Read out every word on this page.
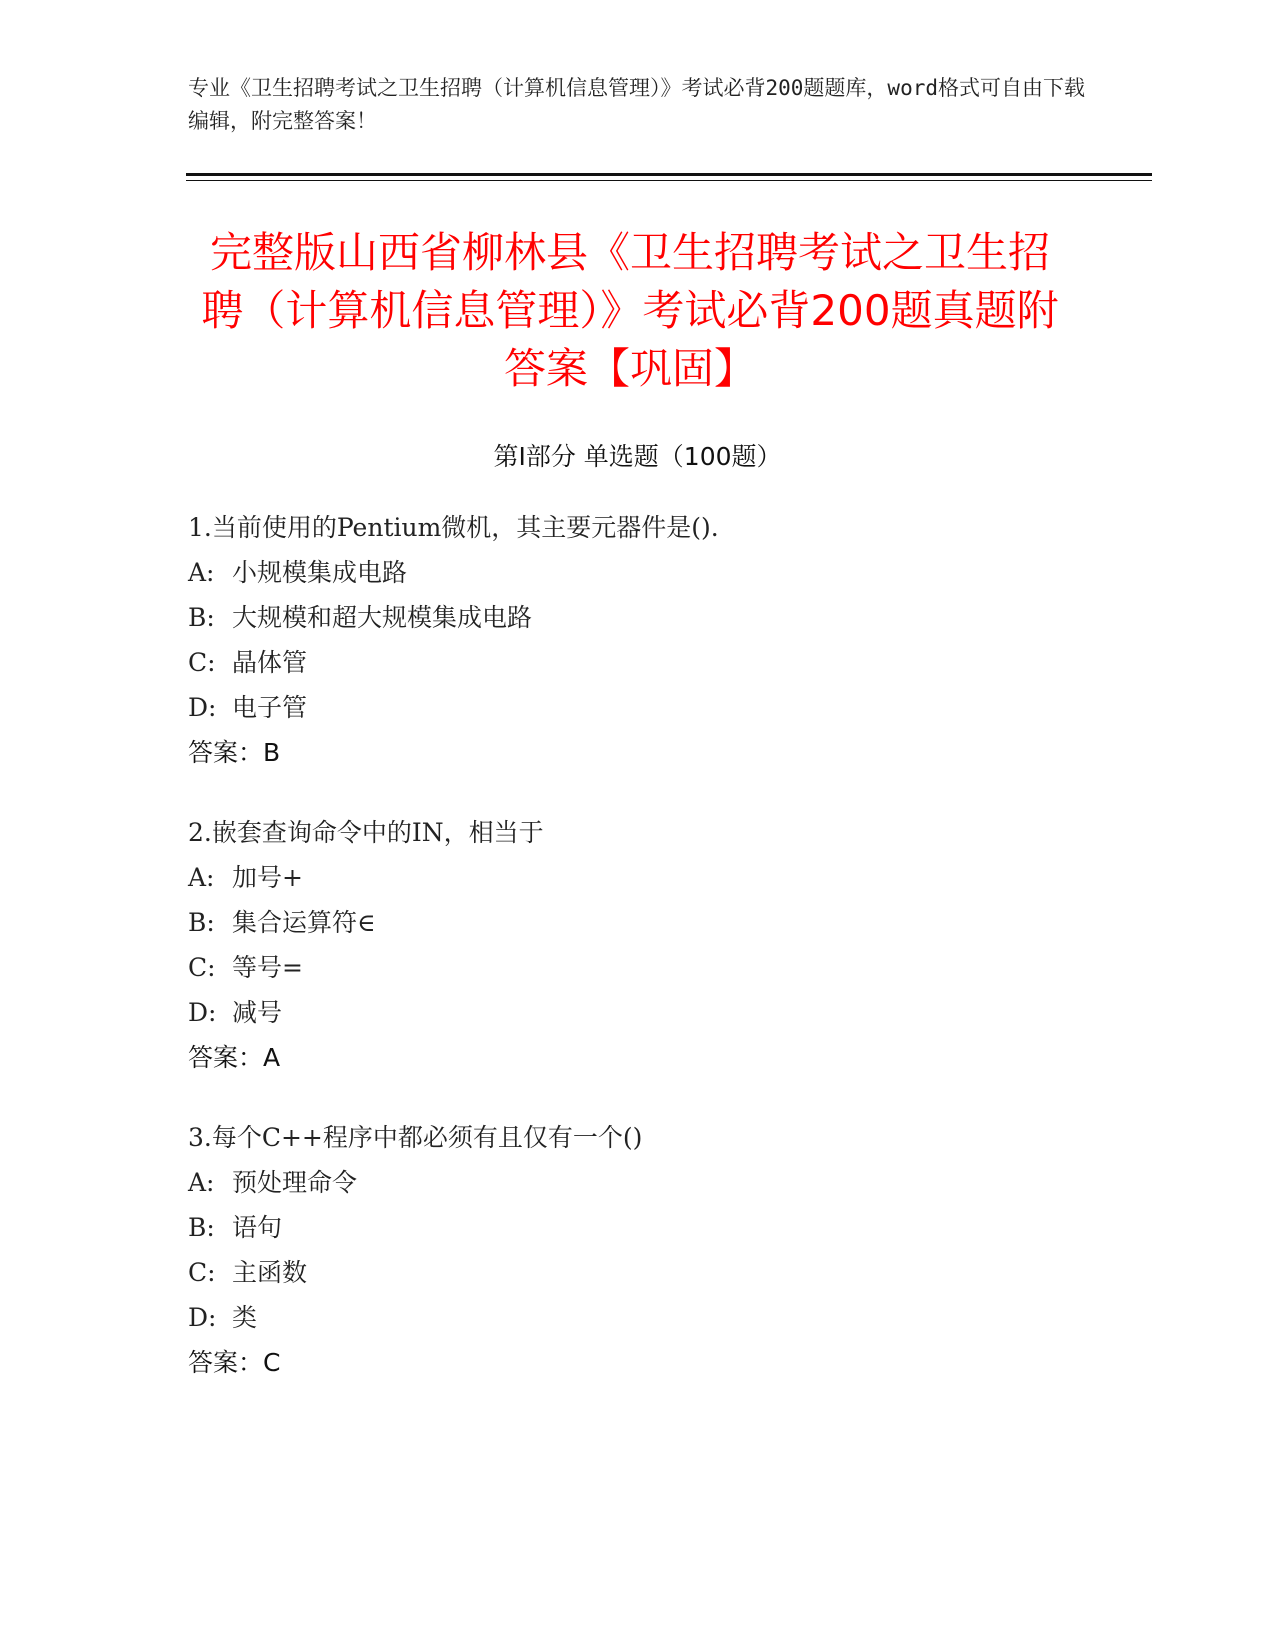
专业《卫生招聘考试之卫生招聘（计算机信息管理）》考试必背200题题库，word格式可自由下载编辑，附完整答案！
完整版山西省柳林县《卫生招聘考试之卫生招聘（计算机信息管理）》考试必背200题真题附答案【巩固】
第Ⅰ部分 单选题（100题）
1.当前使用的Pentium微机，其主要元器件是().
A: 小规模集成电路
B: 大规模和超大规模集成电路
C: 晶体管
D: 电子管
答案：B
2.嵌套查询命令中的IN，相当于
A: 加号+
B: 集合运算符∈
C: 等号=
D: 减号
答案：A
3.每个C++程序中都必须有且仅有一个()
A: 预处理命令
B: 语句
C: 主函数
D: 类
答案：C
